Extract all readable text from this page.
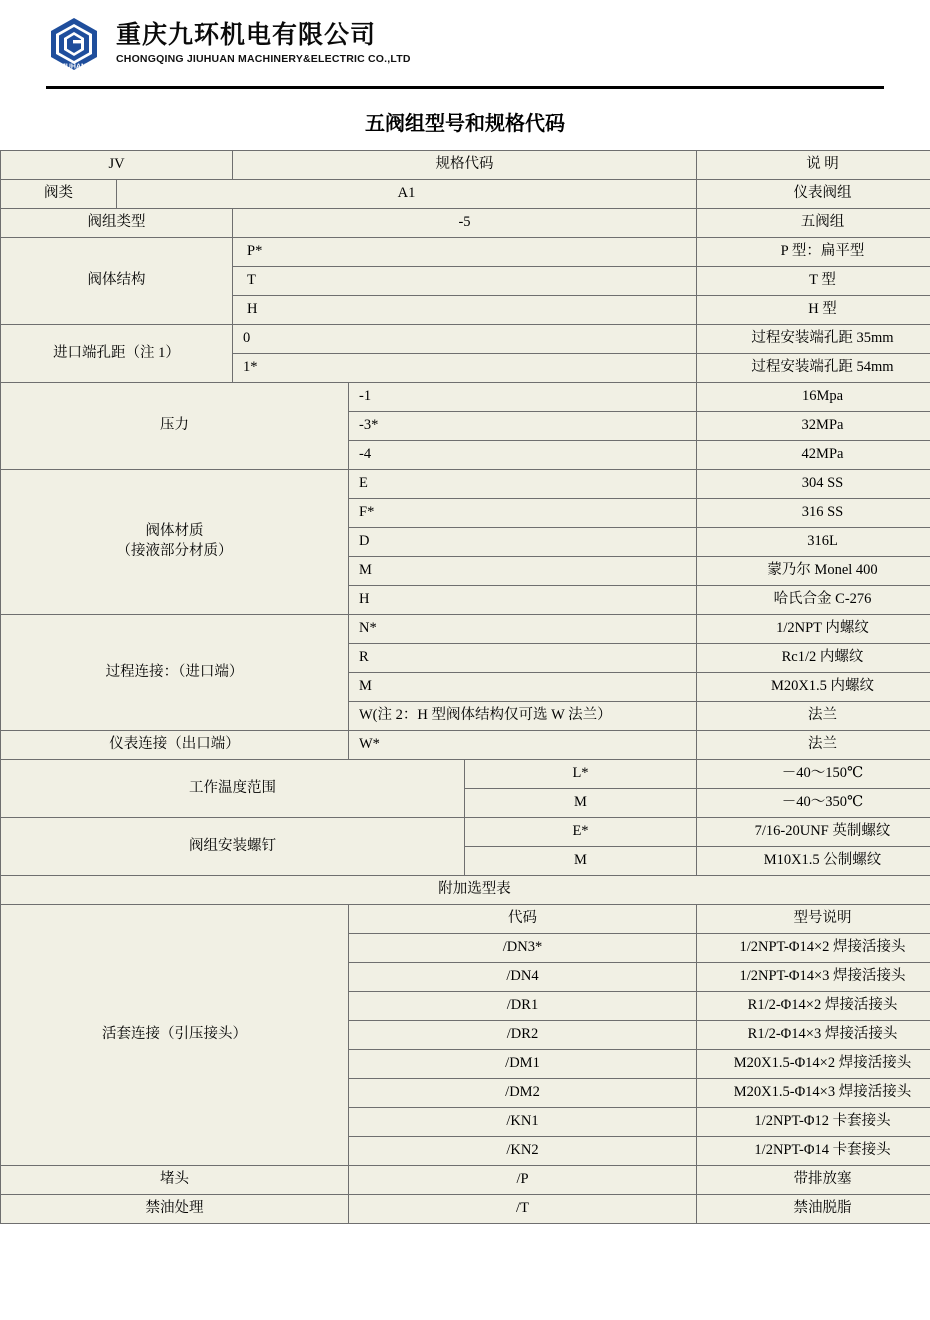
JUHAN
重庆九环机电有限公司
CHONGQING JIUHUAN MACHINERY&ELECTRIC CO.,LTD
五阀组型号和规格代码
JV		规格代码			说 明
阀类	A1				仪表阀组
阀组类型		-5			五阀组
阀体结构		P*			P 型：扁平型
		T			T 型
		H			H 型
进口端孔距（注 1）		0			过程安装端孔距 35mm
		1*			过程安装端孔距 54mm
压力			-1		16Mpa
			-3*		32MPa
			-4		42MPa

阀体材质
（接液部分材质）			E		304 SS
			F*		316 SS
			D		316L
			M		蒙乃尔 Monel 400
			H		哈氏合金 C-276
过程连接：（进口端）			N*		1/2NPT 内螺纹
			R		Rc1/2 内螺纹
			M		M20X1.5 内螺纹
			W(注 2：H 型阀体结构仅可选 W 法兰）		法兰
仪表连接（出口端）			W*		法兰
工作温度范围				L*	－40～150℃
				M	－40～350℃
阀组安装螺钉				E*	7/16-20UNF 英制螺纹
				M	M10X1.5 公制螺纹
附加选型表					
活套连接（引压接头）			代码		型号说明
			/DN3*		1/2NPT-Φ14×2 焊接活接头
			/DN4		1/2NPT-Φ14×3 焊接活接头
			/DR1		R1/2-Φ14×2 焊接活接头
			/DR2		R1/2-Φ14×3 焊接活接头
			/DM1		M20X1.5-Φ14×2 焊接活接头
			/DM2		M20X1.5-Φ14×3 焊接活接头
			/KN1		1/2NPT-Φ12 卡套接头
			/KN2		1/2NPT-Φ14 卡套接头
堵头			/P		带排放塞
禁油处理			/T		禁油脱脂
